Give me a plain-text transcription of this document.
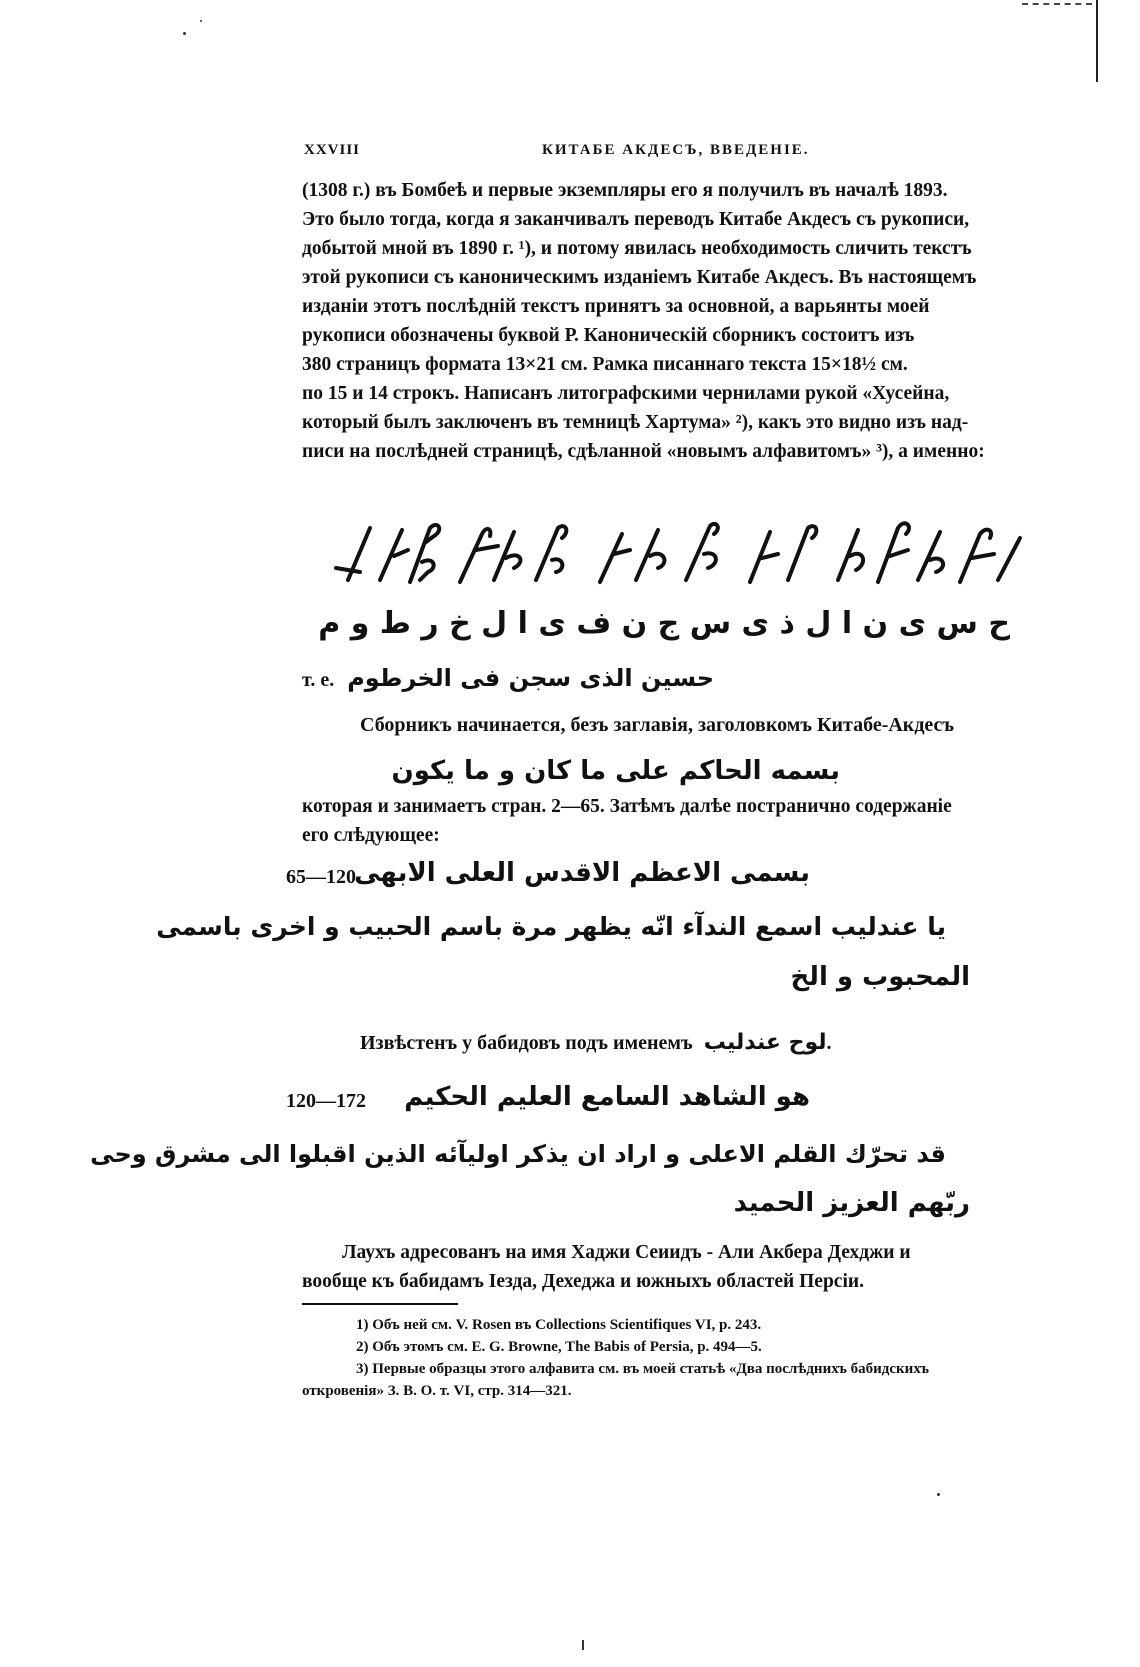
XXVIII	КИТАБЕ АКДЕСЪ, ВВЕДЕНІЕ.

(1308 г.) въ Бомбеѣ и первые экземпляры его я получилъ въ началѣ 1893.

Это было тогда, когда я заканчивалъ переводъ Китабе Акдесъ съ рукописи,

добытой мной въ 1890 г. ¹), и потому явилась необходимость сличить текстъ

этой рукописи съ каноническимъ изданіемъ Китабе Акдесъ. Въ настоящемъ

изданіи этотъ послѣдній текстъ принятъ за основной, а варьянты моей

рукописи обозначены буквой Р. Каноническій сборникъ состоитъ изъ

380 страницъ формата 13×21 см. Рамка писаннаго текста 15×18½ см.

по 15 и 14 строкъ. Написанъ литографскими чернилами рукой «Хусейна,

который былъ заключенъ въ темницѣ Хартума» ²), какъ это видно изъ над-

писи на послѣдней страницѣ, сдѣланной «новымъ алфавитомъ» ³), а именно:

ح س ى ن ا ل ذ ى س ج ن ف ى ا ل خ ر ط و م
т. е. حسين الذى سجن فى الخرطوم
Сборникъ начинается, безъ заглавія, заголовкомъ Китабе-Акдесъ
بسمه الحاكم على ما كان و ما يكون

которая и занимаетъ стран. 2—65. Затѣмъ далѣе постранично содержаніе

его слѣдующее:

65—120
بسمى الاعظم الاقدس العلى الابهى
يا عندليب اسمع الندآء انّه يظهر مرة باسم الحبيب و اخرى باسمى
المحبوب و الخ
Извѣстенъ у бабидовъ подъ именемъ لوح عندليب.
120—172 هو الشاهد السامع العليم الحكيم
قد تحرّك القلم الاعلى و اراد ان يذكر اوليآئه الذين اقبلوا الى مشرق وحى
ربّهم العزيز الحميد

Лаухъ адресованъ на имя Хаджи Сеиидъ - Али Акбера Дехджи и

вообще къ бабидамъ Іезда, Дехеджа и южныхъ областей Персіи.

1) Объ ней см. V. Rosen въ Collections Scientifiques VI, p. 243.

2) Объ этомъ см. E. G. Browne, The Babis of Persia, p. 494—5.

3) Первые образцы этого алфавита см. въ моей статьѣ «Два послѣднихъ бабидскихъ

откровенія» З. В. О. т. VI, стр. 314—321.
